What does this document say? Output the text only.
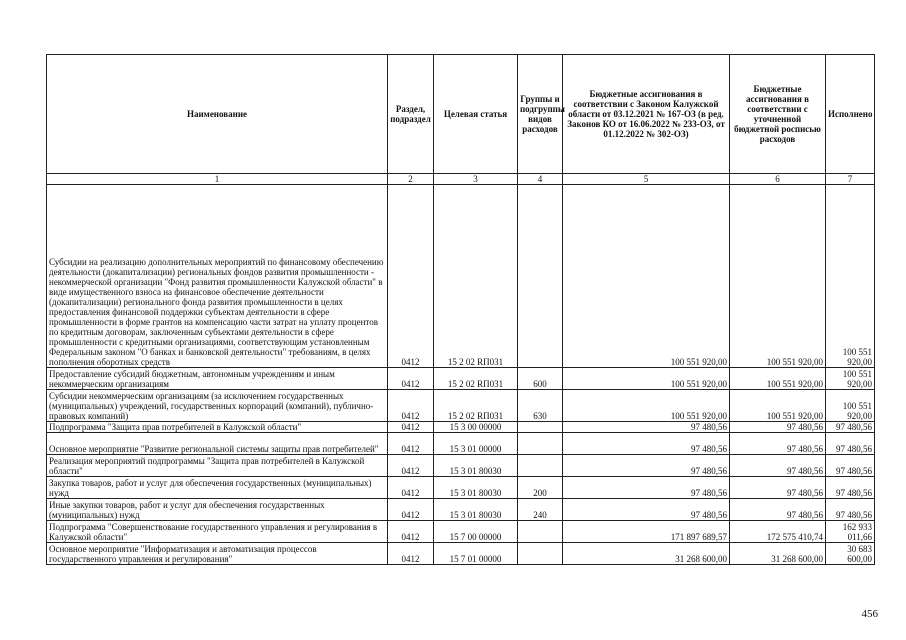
Наименование	Раздел, подраздел	Целевая статья	Группы и подгруппы видов расходов	Бюджетные ассигнования в соответствии с Законом Калужской области от 03.12.2021 № 167-ОЗ (в ред. Законов КО от 16.06.2022 № 233-ОЗ, от 01.12.2022 № 302-ОЗ)	Бюджетные ассигнования в соответствии с уточненной бюджетной росписью расходов	Исполнено
1	2	3	4	5	6	7
Субсидии на реализацию дополнительных мероприятий по финансовому обеспечению деятельности (докапитализации) региональных фондов развития промышленности - некоммерческой организации "Фонд развития промышленности Калужской области" в виде имущественного взноса на финансовое обеспечение деятельности (докапитализации) регионального фонда развития промышленности в целях предоставления финансовой поддержки субъектам деятельности в сфере промышленности в форме грантов на компенсацию части затрат на уплату процентов по кредитным договорам, заключенным субъектами деятельности в сфере промышленности с кредитными организациями, соответствующим установленным Федеральным законом "О банках и банковской деятельности" требованиям, в целях пополнения оборотных средств	0412	15 2 02 RП031		100 551 920,00	100 551 920,00	100 551 920,00
Предоставление субсидий бюджетным, автономным учреждениям и иным некоммерческим организациям	0412	15 2 02 RП031	600	100 551 920,00	100 551 920,00	100 551 920,00
Субсидии некоммерческим организациям (за исключением государственных (муниципальных) учреждений, государственных корпораций (компаний), публично-правовых компаний)	0412	15 2 02 RП031	630	100 551 920,00	100 551 920,00	100 551 920,00
Подпрограмма "Защита прав потребителей в Калужской области"	0412	15 3 00 00000		97 480,56	97 480,56	97 480,56
Основное мероприятие "Развитие региональной системы защиты прав потребителей"	0412	15 3 01 00000		97 480,56	97 480,56	97 480,56
Реализация мероприятий подпрограммы "Защита прав потребителей в Калужской области"	0412	15 3 01 80030		97 480,56	97 480,56	97 480,56
Закупка товаров, работ и услуг для обеспечения государственных (муниципальных) нужд	0412	15 3 01 80030	200	97 480,56	97 480,56	97 480,56
Иные закупки товаров, работ и услуг для обеспечения государственных (муниципальных) нужд	0412	15 3 01 80030	240	97 480,56	97 480,56	97 480,56
Подпрограмма "Совершенствование государственного управления и регулирования в Калужской области"	0412	15 7 00 00000		171 897 689,57	172 575 410,74	162 933 011,66
Основное мероприятие "Информатизация и автоматизация процессов государственного управления и регулирования"	0412	15 7 01 00000		31 268 600,00	31 268 600,00	30 683 600,00
456
